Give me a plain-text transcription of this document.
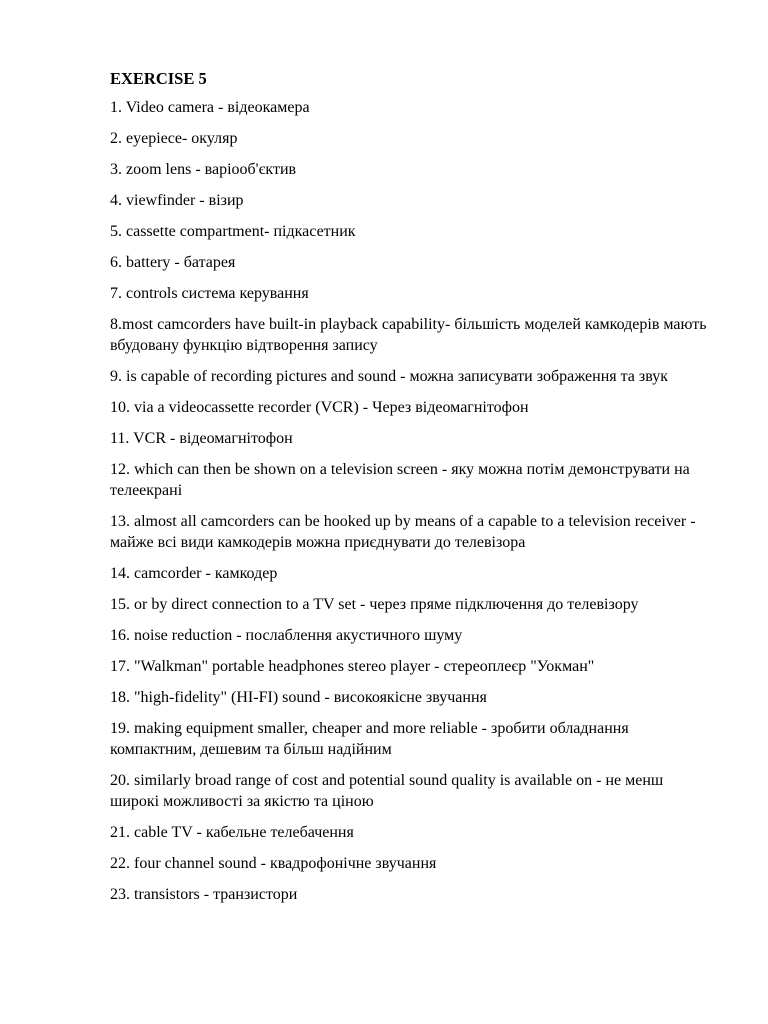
EXERCISE 5
1. Video camera - відеокамера
2. eyepiece- окуляр
3. zoom lens - варіооб'єктив
4. viewfinder - візир
5. cassette compartment- підкасетник
6. battery - батарея
7. controls система керування
8.most camcorders have built-in playback capability- більшість моделей камкодерів мають вбудовану функцію відтворення запису
9. is capable of recording pictures and sound - можна записувати зображення та звук
10. via a videocassette recorder (VCR) - Через відеомагнітофон
11. VCR - відеомагнітофон
12. which can then be shown on a television screen - яку можна потім демонструвати на телеекрані
13. almost all camcorders can be hooked up by means of a capable to a television receiver - майже всі види камкодерів можна приєднувати до телевізора
14. camcorder - камкодер
15. or by direct connection to a TV set - через пряме підключення до телевізору
16. noise reduction - послаблення акустичного шуму
17. "Walkman" portable headphones stereo player - стереоплеєр "Уокман"
18. "high-fidelity" (HI-FI) sound - високоякісне звучання
19. making equipment smaller, cheaper and more reliable - зробити обладнання компактним, дешевим та більш надійним
20. similarly broad range of cost and potential sound quality is available on - не менш широкі можливості за якістю та ціною
21. cable TV - кабельне телебачення
22. four channel sound - квадрофонічне звучання
23. transistors - транзистори
